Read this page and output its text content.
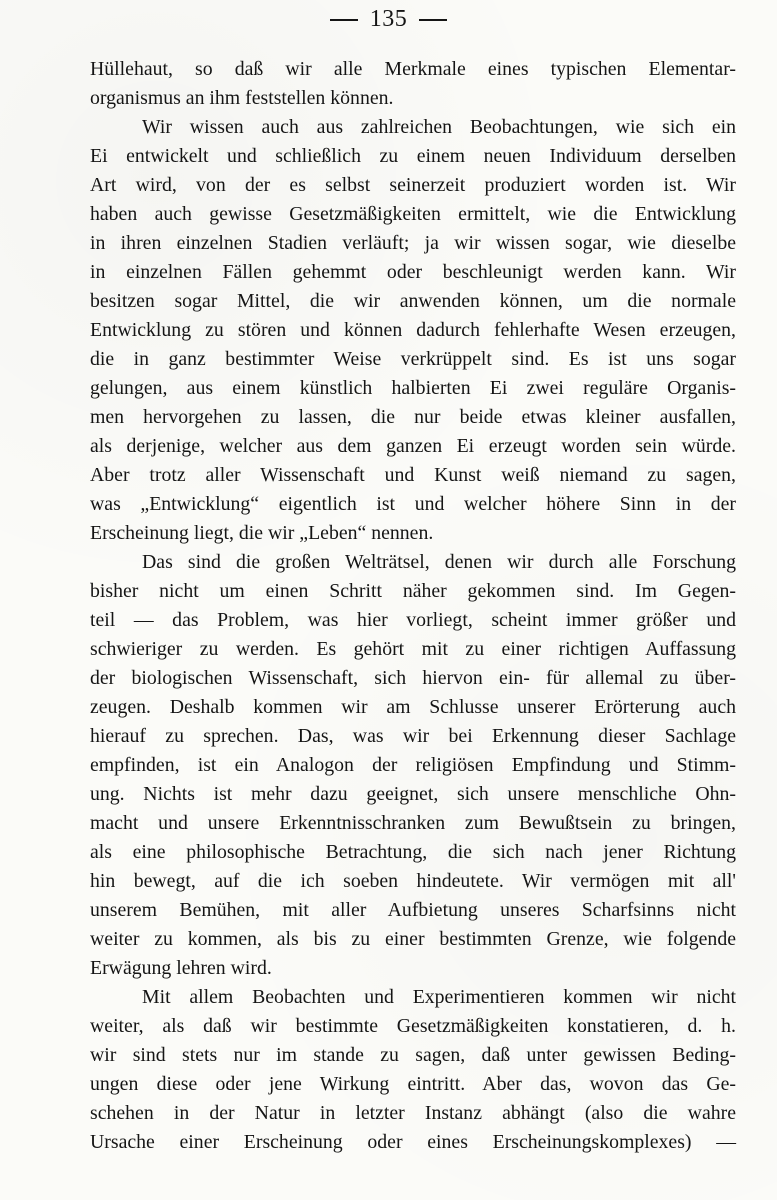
135
Hüllehaut, so daß wir alle Merkmale eines typischen Elementar-
organismus an ihm feststellen können.
Wir wissen auch aus zahlreichen Beobachtungen, wie sich ein
Ei entwickelt und schließlich zu einem neuen Individuum derselben
Art wird, von der es selbst seinerzeit produziert worden ist. Wir
haben auch gewisse Gesetzmäßigkeiten ermittelt, wie die Entwicklung
in ihren einzelnen Stadien verläuft; ja wir wissen sogar, wie dieselbe
in einzelnen Fällen gehemmt oder beschleunigt werden kann. Wir
besitzen sogar Mittel, die wir anwenden können, um die normale
Entwicklung zu stören und können dadurch fehlerhafte Wesen erzeugen,
die in ganz bestimmter Weise verkrüppelt sind. Es ist uns sogar
gelungen, aus einem künstlich halbierten Ei zwei reguläre Organis-
men hervorgehen zu lassen, die nur beide etwas kleiner ausfallen,
als derjenige, welcher aus dem ganzen Ei erzeugt worden sein würde.
Aber trotz aller Wissenschaft und Kunst weiß niemand zu sagen,
was „Entwicklung“ eigentlich ist und welcher höhere Sinn in der
Erscheinung liegt, die wir „Leben“ nennen.
Das sind die großen Welträtsel, denen wir durch alle Forschung
bisher nicht um einen Schritt näher gekommen sind. Im Gegen-
teil — das Problem, was hier vorliegt, scheint immer größer und
schwieriger zu werden. Es gehört mit zu einer richtigen Auffassung
der biologischen Wissenschaft, sich hiervon ein- für allemal zu über-
zeugen. Deshalb kommen wir am Schlusse unserer Erörterung auch
hierauf zu sprechen. Das, was wir bei Erkennung dieser Sachlage
empfinden, ist ein Analogon der religiösen Empfindung und Stimm-
ung. Nichts ist mehr dazu geeignet, sich unsere menschliche Ohn-
macht und unsere Erkenntnisschranken zum Bewußtsein zu bringen,
als eine philosophische Betrachtung, die sich nach jener Richtung
hin bewegt, auf die ich soeben hindeutete. Wir vermögen mit all'
unserem Bemühen, mit aller Aufbietung unseres Scharfsinns nicht
weiter zu kommen, als bis zu einer bestimmten Grenze, wie folgende
Erwägung lehren wird.
Mit allem Beobachten und Experimentieren kommen wir nicht
weiter, als daß wir bestimmte Gesetzmäßigkeiten konstatieren, d. h.
wir sind stets nur im stande zu sagen, daß unter gewissen Beding-
ungen diese oder jene Wirkung eintritt. Aber das, wovon das Ge-
schehen in der Natur in letzter Instanz abhängt (also die wahre
Ursache einer Erscheinung oder eines Erscheinungskomplexes) —
